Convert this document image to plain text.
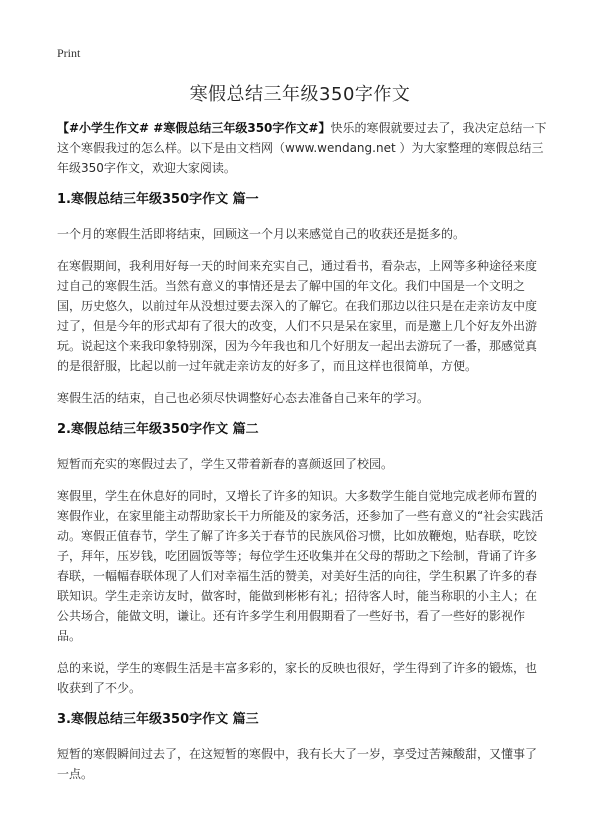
Print
寒假总结三年级350字作文

【#小学生作文# #寒假总结三年级350字作文#】快乐的寒假就要过去了，我决定总结一下这个寒假我过的怎么样。以下是由文档网（www.wendang.net ）为大家整理的寒假总结三年级350字作文，欢迎大家阅读。

1.寒假总结三年级350字作文 篇一

一个月的寒假生活即将结束，回顾这一个月以来感觉自己的收获还是挺多的。

在寒假期间，我利用好每一天的时间来充实自己，通过看书，看杂志，上网等多种途径来度过自己的寒假生活。当然有意义的事情还是去了解中国的年文化。我们中国是一个文明之国，历史悠久，以前过年从没想过要去深入的了解它。在我们那边以往只是在走亲访友中度过了，但是今年的形式却有了很大的改变，人们不只是呆在家里，而是邀上几个好友外出游玩。说起这个来我印象特别深，因为今年我也和几个好朋友一起出去游玩了一番，那感觉真的是很舒服，比起以前一过年就走亲访友的好多了，而且这样也很简单，方便。

寒假生活的结束，自己也必须尽快调整好心态去准备自己来年的学习。

2.寒假总结三年级350字作文 篇二

短暂而充实的寒假过去了，学生又带着新春的喜颜返回了校园。

寒假里，学生在休息好的同时，又增长了许多的知识。大多数学生能自觉地完成老师布置的寒假作业，在家里能主动帮助家长干力所能及的家务活，还参加了一些有意义的“社会实践活动。寒假正值春节，学生了解了许多关于春节的民族风俗习惯，比如放鞭炮，贴春联，吃饺子，拜年，压岁钱，吃团圆饭等等；每位学生还收集并在父母的帮助之下绘制，背诵了许多春联，一幅幅春联体现了人们对幸福生活的赞美，对美好生活的向往，学生积累了许多的春联知识。学生走亲访友时，做客时，能做到彬彬有礼；招待客人时，能当称职的小主人；在公共场合，能做文明，谦让。还有许多学生利用假期看了一些好书，看了一些好的影视作品。

总的来说，学生的寒假生活是丰富多彩的，家长的反映也很好，学生得到了许多的锻炼，也收获到了不少。

3.寒假总结三年级350字作文 篇三

短暂的寒假瞬间过去了，在这短暂的寒假中，我有长大了一岁，享受过苦辣酸甜，又懂事了一点。
